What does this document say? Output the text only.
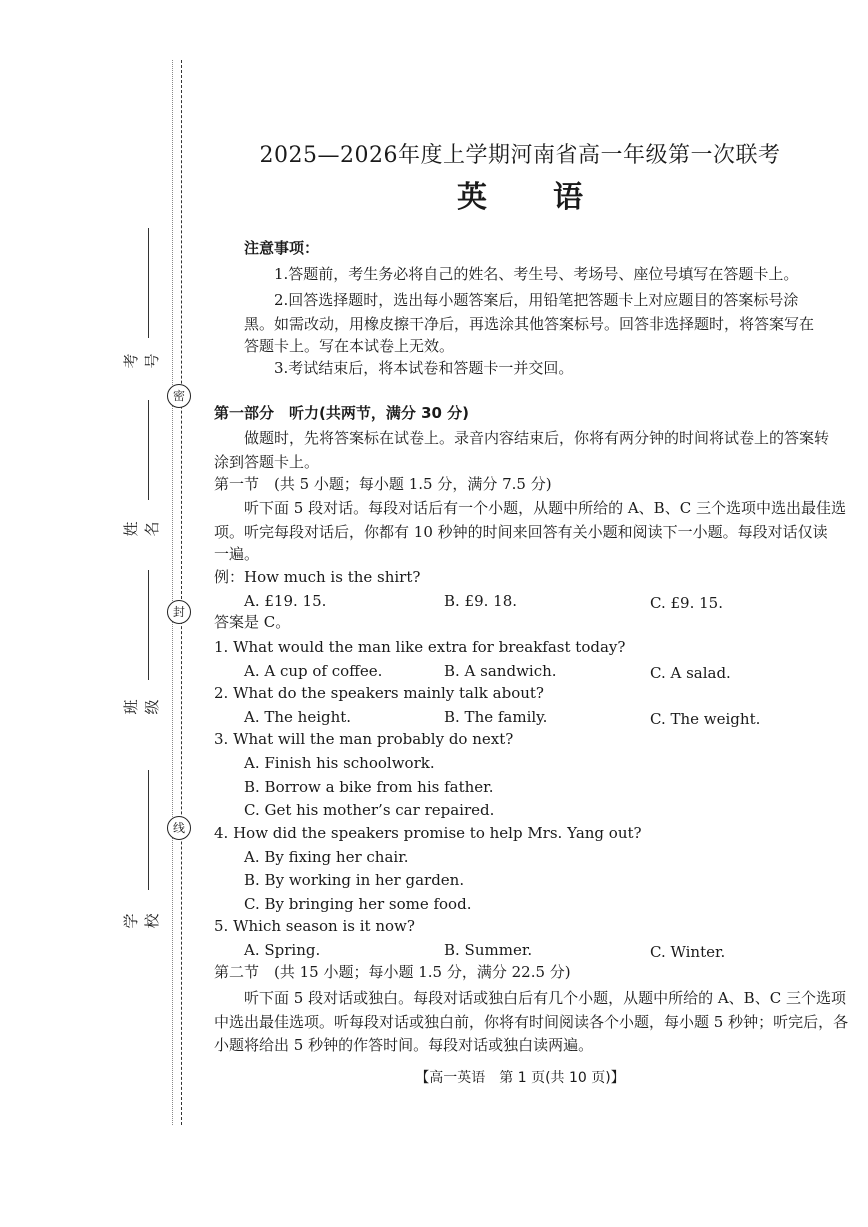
密
封
线
考号
姓名
班级
学校
2025—2026年度上学期河南省高一年级第一次联考
英语
注意事项：
1.答题前，考生务必将自己的姓名、考生号、考场号、座位号填写在答题卡上。
2.回答选择题时，选出每小题答案后，用铅笔把答题卡上对应题目的答案标号涂
黑。如需改动，用橡皮擦干净后，再选涂其他答案标号。回答非选择题时，将答案写在
答题卡上。写在本试卷上无效。
3.考试结束后，将本试卷和答题卡一并交回。
第一部分　听力(共两节，满分 30 分)
做题时，先将答案标在试卷上。录音内容结束后，你将有两分钟的时间将试卷上的答案转
涂到答题卡上。
第一节　(共 5 小题；每小题 1.5 分，满分 7.5 分)
听下面 5 段对话。每段对话后有一个小题，从题中所给的 A、B、C 三个选项中选出最佳选
项。听完每段对话后，你都有 10 秒钟的时间来回答有关小题和阅读下一小题。每段对话仅读
一遍。
例：How much is the shirt?
A. £19. 15.	B. £9. 18.	C. £9. 15.
答案是 C。
1. What would the man like extra for breakfast today?
A. A cup of coffee.	B. A sandwich.	C. A salad.
2. What do the speakers mainly talk about?
A. The height.	B. The family.	C. The weight.
3. What will the man probably do next?
A. Finish his schoolwork.
B. Borrow a bike from his father.
C. Get his mother’s car repaired.
4. How did the speakers promise to help Mrs. Yang out?
A. By fixing her chair.
B. By working in her garden.
C. By bringing her some food.
5. Which season is it now?
A. Spring.	B. Summer.	C. Winter.
第二节　(共 15 小题；每小题 1.5 分，满分 22.5 分)
听下面 5 段对话或独白。每段对话或独白后有几个小题，从题中所给的 A、B、C 三个选项
中选出最佳选项。听每段对话或独白前，你将有时间阅读各个小题，每小题 5 秒钟；听完后，各
小题将给出 5 秒钟的作答时间。每段对话或独白读两遍。
【高一英语　第 1 页(共 10 页)】
